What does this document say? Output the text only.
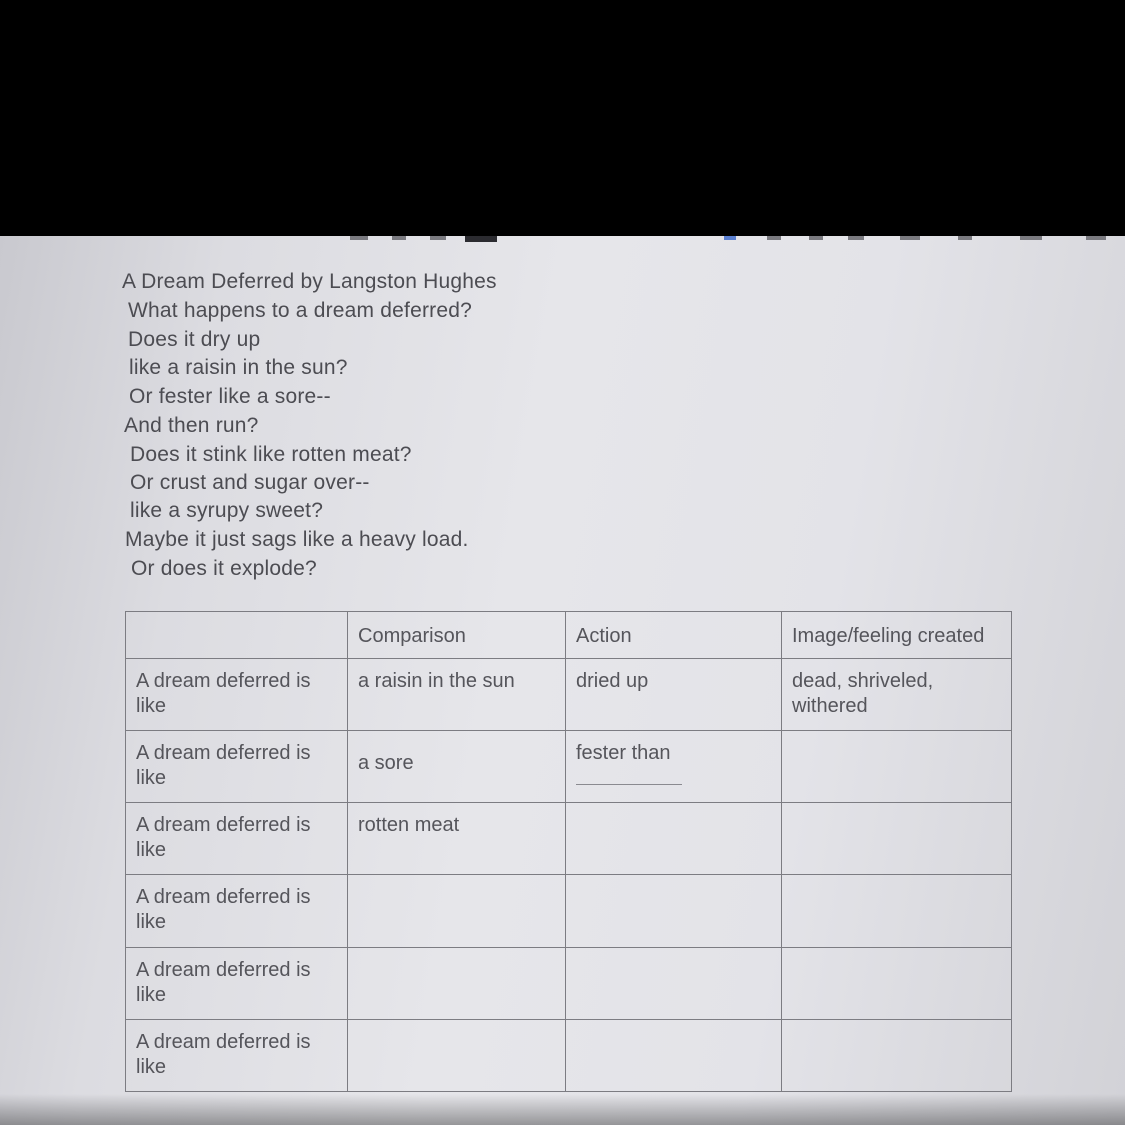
A Dream Deferred by Langston Hughes
What happens to a dream deferred?
Does it dry up
like a raisin in the sun?
Or fester like a sore--
And then run?
Does it stink like rotten meat?
Or crust and sugar over--
like a syrupy sweet?
Maybe it just sags like a heavy load.
Or does it explode?
	Comparison	Action	Image/feeling created
A dream deferred is like	a raisin in the sun	dried up	dead, shriveled, withered
A dream deferred is like	a sore	fester than

A dream deferred is like	rotten meat		
A dream deferred is like			
A dream deferred is like			
A dream deferred is like			
